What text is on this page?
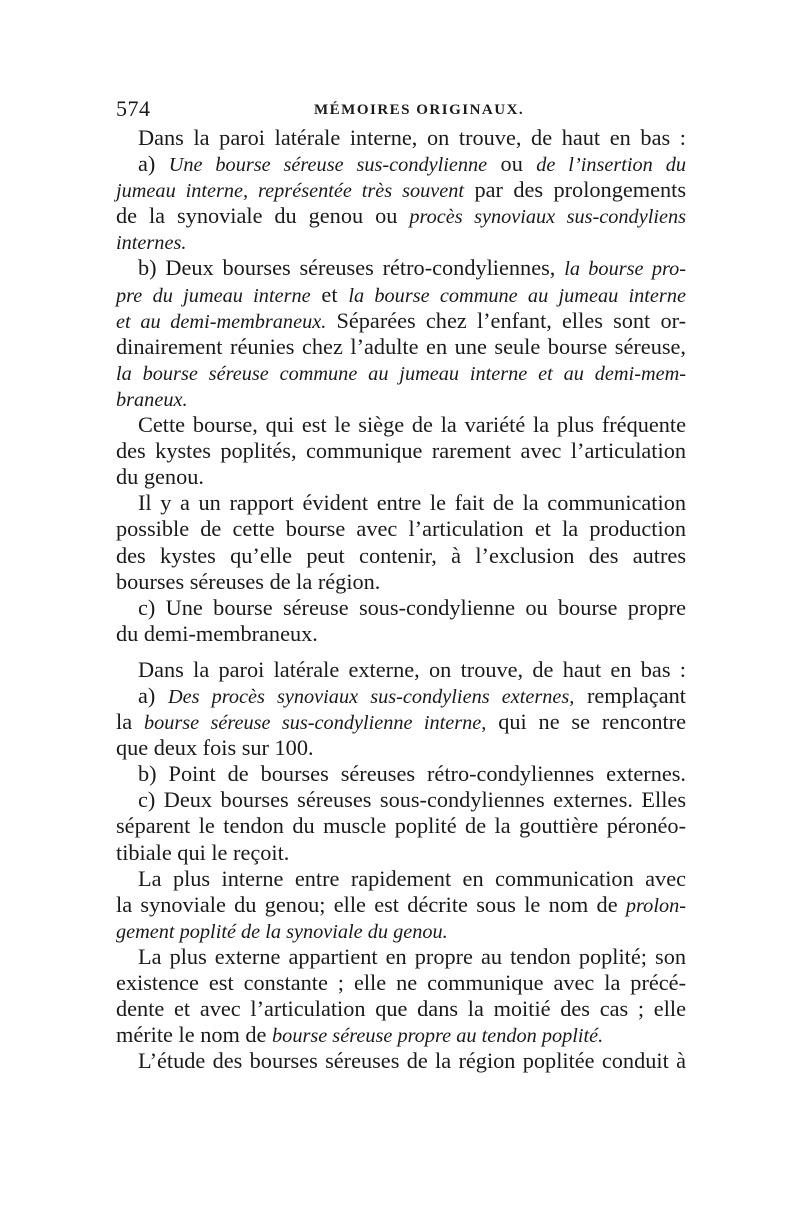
574	MÉMOIRES ORIGINAUX.
Dans la paroi latérale interne, on trouve, de haut en bas :
a) Une bourse séreuse sus-condylienne ou de l’insertion du
jumeau interne, représentée très souvent par des prolongements
de la synoviale du genou ou procès synoviaux sus-condyliens
internes.
b) Deux bourses séreuses rétro-condyliennes, la bourse pro-
pre du jumeau interne et la bourse commune au jumeau interne
et au demi-membraneux. Séparées chez l’enfant, elles sont or-
dinairement réunies chez l’adulte en une seule bourse séreuse,
la bourse séreuse commune au jumeau interne et au demi-mem-
braneux.
Cette bourse, qui est le siège de la variété la plus fréquente
des kystes poplités, communique rarement avec l’articulation
du genou.
Il y a un rapport évident entre le fait de la communication
possible de cette bourse avec l’articulation et la production
des kystes qu’elle peut contenir, à l’exclusion des autres
bourses séreuses de la région.
c) Une bourse séreuse sous-condylienne ou bourse propre
du demi-membraneux.
Dans la paroi latérale externe, on trouve, de haut en bas :
a) Des procès synoviaux sus-condyliens externes, remplaçant
la bourse séreuse sus-condylienne interne, qui ne se rencontre
que deux fois sur 100.
b) Point de bourses séreuses rétro-condyliennes externes.
c) Deux bourses séreuses sous-condyliennes externes. Elles
séparent le tendon du muscle poplité de la gouttière péronéo-
tibiale qui le reçoit.
La plus interne entre rapidement en communication avec
la synoviale du genou; elle est décrite sous le nom de prolon-
gement poplité de la synoviale du genou.
La plus externe appartient en propre au tendon poplité; son
existence est constante ; elle ne communique avec la précé-
dente et avec l’articulation que dans la moitié des cas ; elle
mérite le nom de bourse séreuse propre au tendon poplité.
L’étude des bourses séreuses de la région poplitée conduit à
